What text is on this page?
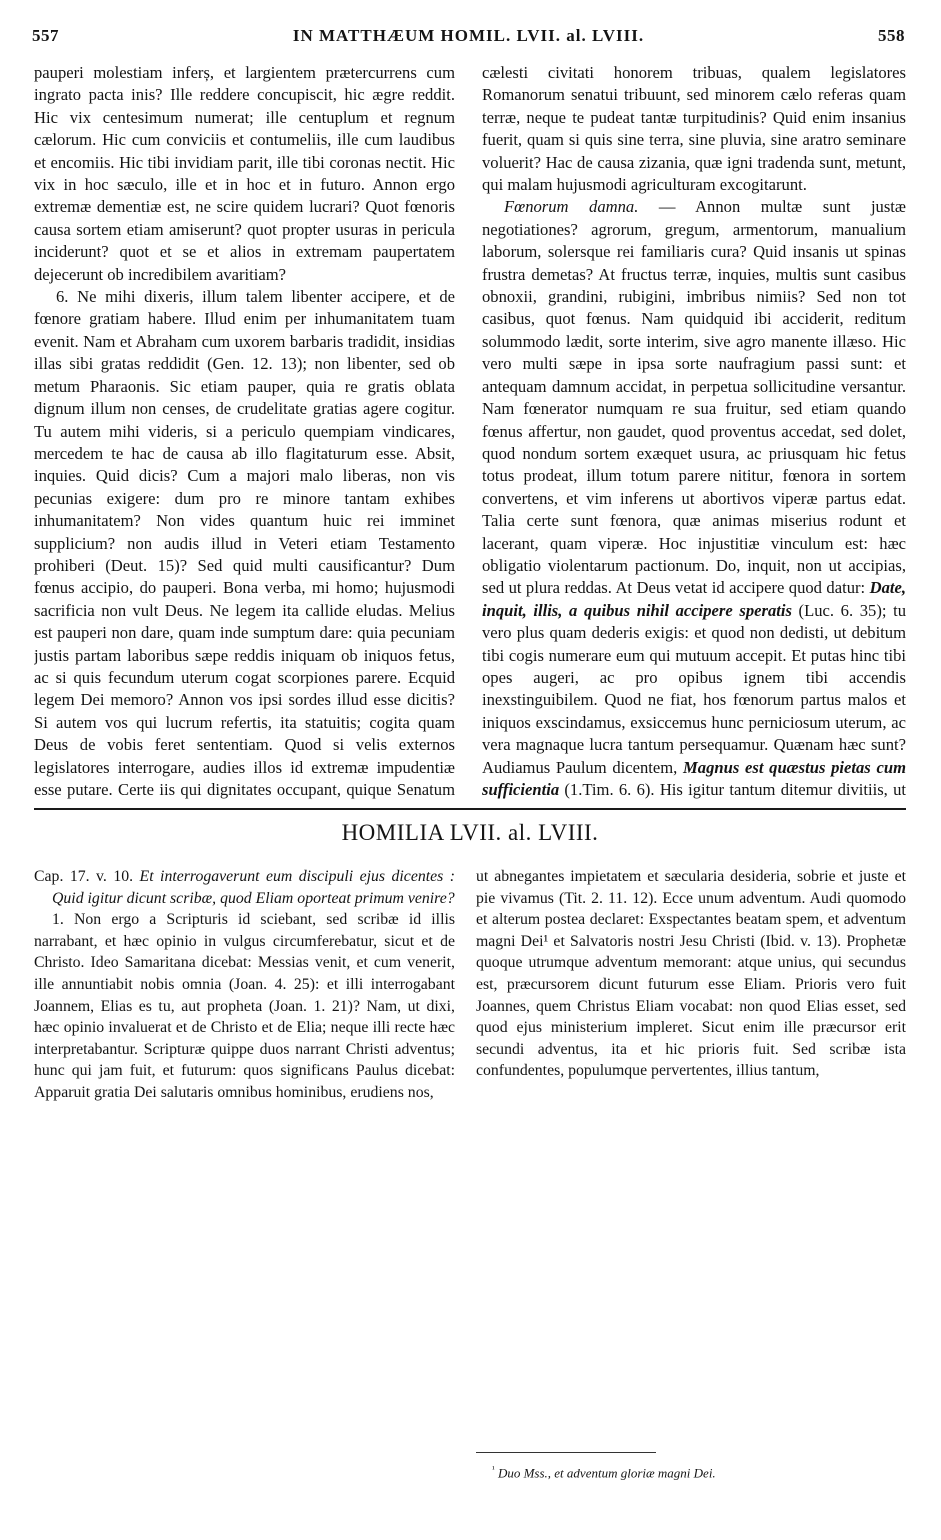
557	IN MATTHÆUM HOMIL. LVII. al. LVIII.	558

pauperi molestiam inferș, et largientem prætercurrens cum ingrato pacta inis? Ille reddere concupiscit, hic ægre reddit. Hic vix centesimum numerat; ille centuplum et regnum cælorum. Hic cum conviciis et contumeliis, ille cum laudibus et encomiis. Hic tibi invidiam parit, ille tibi coronas nectit. Hic vix in hoc sæculo, ille et in hoc et in futuro. Annon ergo extremæ dementiæ est, ne scire quidem lucrari? Quot fœnoris causa sortem etiam amiserunt? quot propter usuras in pericula inciderunt? quot et se et alios in extremam paupertatem dejecerunt ob incredibilem avaritiam?

6. Ne mihi dixeris, illum talem libenter accipere, et de fœnore gratiam habere. Illud enim per inhumanitatem tuam evenit. Nam et Abraham cum uxorem barbaris tradidit, insidias illas sibi gratas reddidit (Gen. 12. 13); non libenter, sed ob metum Pharaonis. Sic etiam pauper, quia re gratis oblata dignum illum non censes, de crudelitate gratias agere cogitur. Tu autem mihi videris, si a periculo quempiam vindicares, mercedem te hac de causa ab illo flagitaturum esse. Absit, inquies. Quid dicis? Cum a majori malo liberas, non vis pecunias exigere: dum pro re minore tantam exhibes inhumanitatem? Non vides quantum huic rei imminet supplicium? non audis illud in Veteri etiam Testamento prohiberi (Deut. 15)? Sed quid multi causificantur? Dum fœnus accipio, do pauperi. Bona verba, mi homo; hujusmodi sacrificia non vult Deus. Ne legem ita callide eludas. Melius est pauperi non dare, quam inde sumptum dare: quia pecuniam justis partam laboribus sæpe reddis iniquam ob iniquos fetus, ac si quis fecundum uterum cogat scorpiones parere. Ecquid legem Dei memoro? Annon vos ipsi sordes illud esse dicitis? Si autem vos qui lucrum refertis, ita statuitis; cogita quam Deus de vobis feret sententiam. Quod si velis externos legislatores interrogare, audies illos id extremæ impudentiæ esse putare. Certe iis qui dignitates occupant, quique Senatum

cælesti civitati honorem tribuas, qualem legislatores Romanorum senatui tribuunt, sed minorem cælo referas quam terræ, neque te pudeat tantæ turpitudinis? Quid enim insanius fuerit, quam si quis sine terra, sine pluvia, sine aratro seminare voluerit? Hac de causa zizania, quæ igni tradenda sunt, metunt, qui malam hujusmodi agriculturam excogitarunt.

Fœnorum damna. — Annon multæ sunt justæ negotiationes? agrorum, gregum, armentorum, manualium laborum, solersque rei familiaris cura? Quid insanis ut spinas frustra demetas? At fructus terræ, inquies, multis sunt casibus obnoxii, grandini, rubigini, imbribus nimiis? Sed non tot casibus, quot fœnus. Nam quidquid ibi acciderit, reditum solummodo lædit, sorte interim, sive agro manente illæso. Hic vero multi sæpe in ipsa sorte naufragium passi sunt: et antequam damnum accidat, in perpetua sollicitudine versantur. Nam fœnerator numquam re sua fruitur, sed etiam quando fœnus affertur, non gaudet, quod proventus accedat, sed dolet, quod nondum sortem exæquet usura, ac priusquam hic fetus totus prodeat, illum totum parere nititur, fœnora in sortem convertens, et vim inferens ut abortivos viperæ partus edat. Talia certe sunt fœnora, quæ animas miserius rodunt et lacerant, quam viperæ. Hoc injustitiæ vinculum est: hæc obligatio violentarum pactionum. Do, inquit, non ut accipias, sed ut plura reddas. At Deus vetat id accipere quod datur: Date, inquit, illis, a quibus nihil accipere speratis (Luc. 6. 35); tu vero plus quam dederis exigis: et quod non dedisti, ut debitum tibi cogis numerare eum qui mutuum accepit. Et putas hinc tibi opes augeri, ac pro opibus ignem tibi accendis inexstinguibilem. Quod ne fiat, hos fœnorum partus malos et iniquos exscindamus, exsiccemus hunc perniciosum uterum, ac vera magnaque lucra tantum persequamur. Quænam hæc sunt? Audiamus Paulum dicentem, Magnus est quæstus pietas cum sufficientia (1.Tim. 6. 6). His igitur tantum ditemur divitiis, ut

HOMILIA LVII. al. LVIII.

Cap. 17. v. 10. Et interrogaverunt eum discipuli ejus dicentes : Quid igitur dicunt scribæ, quod Eliam oporteat primum venire?

1. Non ergo a Scripturis id sciebant, sed scribæ id illis narrabant, et hæc opinio in vulgus circumferebatur, sicut et de Christo. Ideo Samaritana dicebat: Messias venit, et cum venerit, ille annuntiabit nobis omnia (Joan. 4. 25): et illi interrogabant Joannem, Elias es tu, aut propheta (Joan. 1. 21)? Nam, ut dixi, hæc opinio invaluerat et de Christo et de Elia; neque illi recte hæc interpretabantur. Scripturæ quippe duos narrant Christi adventus; hunc qui jam fuit, et futurum: quos significans Paulus dicebat: Apparuit gratia Dei salutaris omnibus hominibus, erudiens nos,

ut abnegantes impietatem et sæcularia desideria, sobrie et juste et pie vivamus (Tit. 2. 11. 12). Ecce unum adventum. Audi quomodo et alterum postea declaret: Exspectantes beatam spem, et adventum magni Dei¹ et Salvatoris nostri Jesu Christi (Ibid. v. 13). Prophetæ quoque utrumque adventum memorant: atque unius, qui secundus est, præcursorem dicunt futurum esse Eliam. Prioris vero fuit Joannes, quem Christus Eliam vocabat: non quod Elias esset, sed quod ejus ministerium impleret. Sicut enim ille præcursor erit secundi adventus, ita et hic prioris fuit. Sed scribæ ista confundentes, populumque pervertentes, illius tantum,

$^{^1}$ Duo Mss., et adventum gloriæ magni Dei.
